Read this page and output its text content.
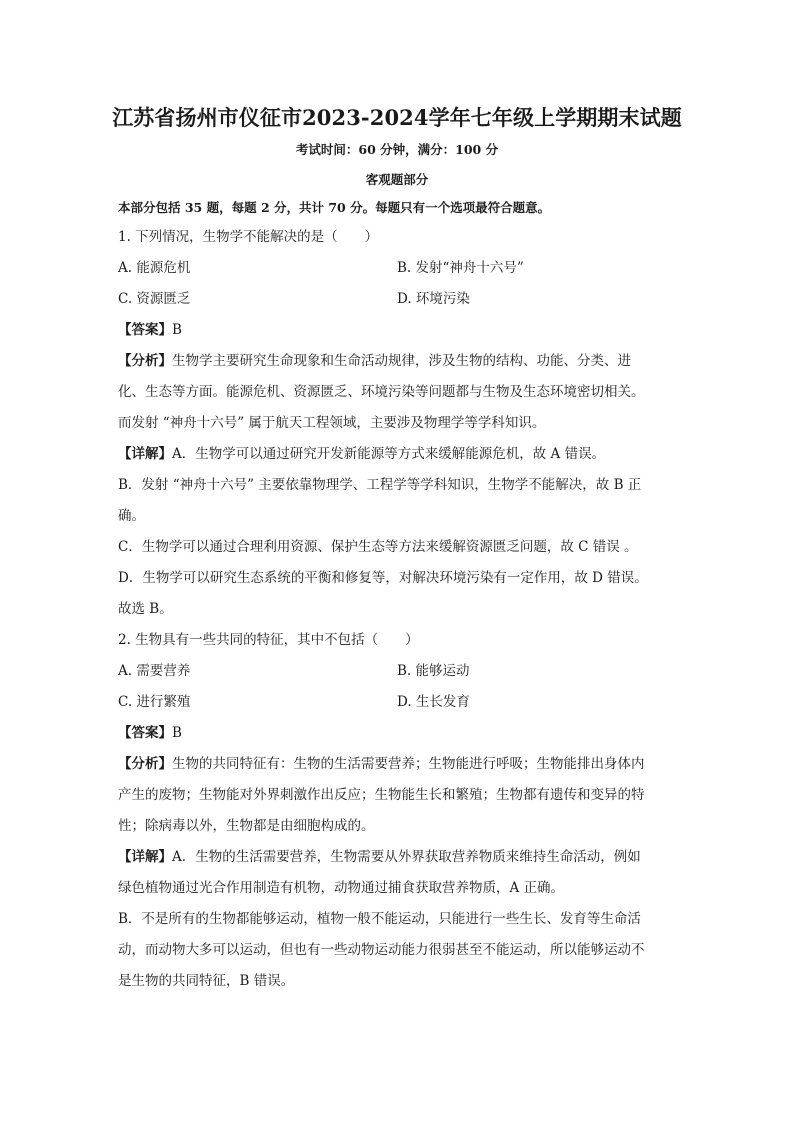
江苏省扬州市仪征市2023-2024学年七年级上学期期末试题
考试时间：60 分钟，满分：100 分
客观题部分
本部分包括 35 题，每题 2 分，共计 70 分。每题只有一个选项最符合题意。
1. 下列情况，生物学不能解决的是（　　）
A. 能源危机	B. 发射“神舟十六号”
C. 资源匮乏	D. 环境污染
【答案】B
【分析】生物学主要研究生命现象和生命活动规律，涉及生物的结构、功能、分类、进
化、生态等方面。能源危机、资源匮乏、环境污染等问题都与生物及生态环境密切相关。
而发射 “神舟十六号” 属于航天工程领域，主要涉及物理学等学科知识。
【详解】A．生物学可以通过研究开发新能源等方式来缓解能源危机，故 A 错误。
B．发射 “神舟十六号” 主要依靠物理学、工程学等学科知识，生物学不能解决，故 B 正
确。
C．生物学可以通过合理利用资源、保护生态等方法来缓解资源匮乏问题，故 C 错误 。
D．生物学可以研究生态系统的平衡和修复等，对解决环境污染有一定作用，故 D 错误。
故选 B。
2. 生物具有一些共同的特征，其中不包括（　　）
A. 需要营养	B. 能够运动
C. 进行繁殖	D. 生长发育
【答案】B
【分析】生物的共同特征有：生物的生活需要营养；生物能进行呼吸；生物能排出身体内
产生的废物；生物能对外界刺激作出反应；生物能生长和繁殖；生物都有遗传和变异的特
性；除病毒以外，生物都是由细胞构成的。
【详解】A．生物的生活需要营养，生物需要从外界获取营养物质来维持生命活动，例如
绿色植物通过光合作用制造有机物，动物通过捕食获取营养物质，A 正确。
B．不是所有的生物都能够运动，植物一般不能运动，只能进行一些生长、发育等生命活
动，而动物大多可以运动，但也有一些动物运动能力很弱甚至不能运动，所以能够运动不
是生物的共同特征，B 错误。
